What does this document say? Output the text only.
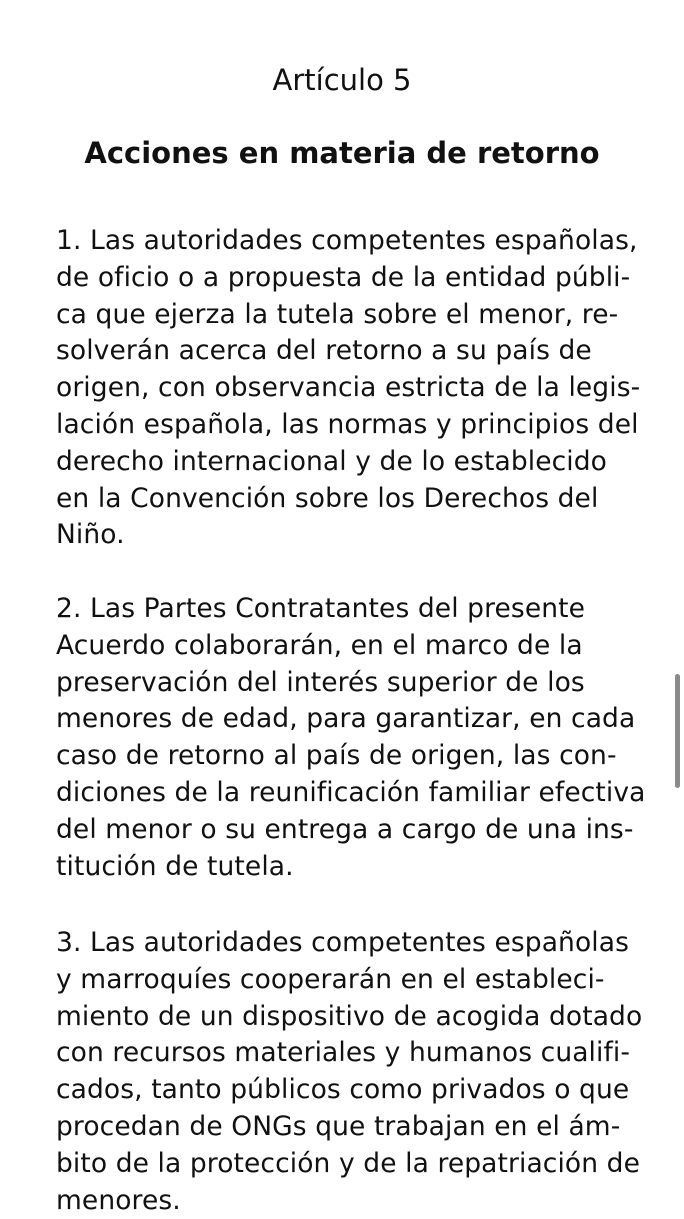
Artículo 5
Acciones en materia de retorno

1. Las autoridades competentes españolas,
de oficio o a propuesta de la entidad públi-
ca que ejerza la tutela sobre el menor, re-
solverán acerca del retorno a su país de
origen, con observancia estricta de la legis-
lación española, las normas y principios del
derecho internacional y de lo establecido
en la Convención sobre los Derechos del
Niño.

2. Las Partes Contratantes del presente
Acuerdo colaborarán, en el marco de la
preservación del interés superior de los
menores de edad, para garantizar, en cada
caso de retorno al país de origen, las con-
diciones de la reunificación familiar efectiva
del menor o su entrega a cargo de una ins-
titución de tutela.

3. Las autoridades competentes españolas
y marroquíes cooperarán en el estableci-
miento de un dispositivo de acogida dotado
con recursos materiales y humanos cualifi-
cados, tanto públicos como privados o que
procedan de ONGs que trabajan en el ám-
bito de la protección y de la repatriación de
menores.
